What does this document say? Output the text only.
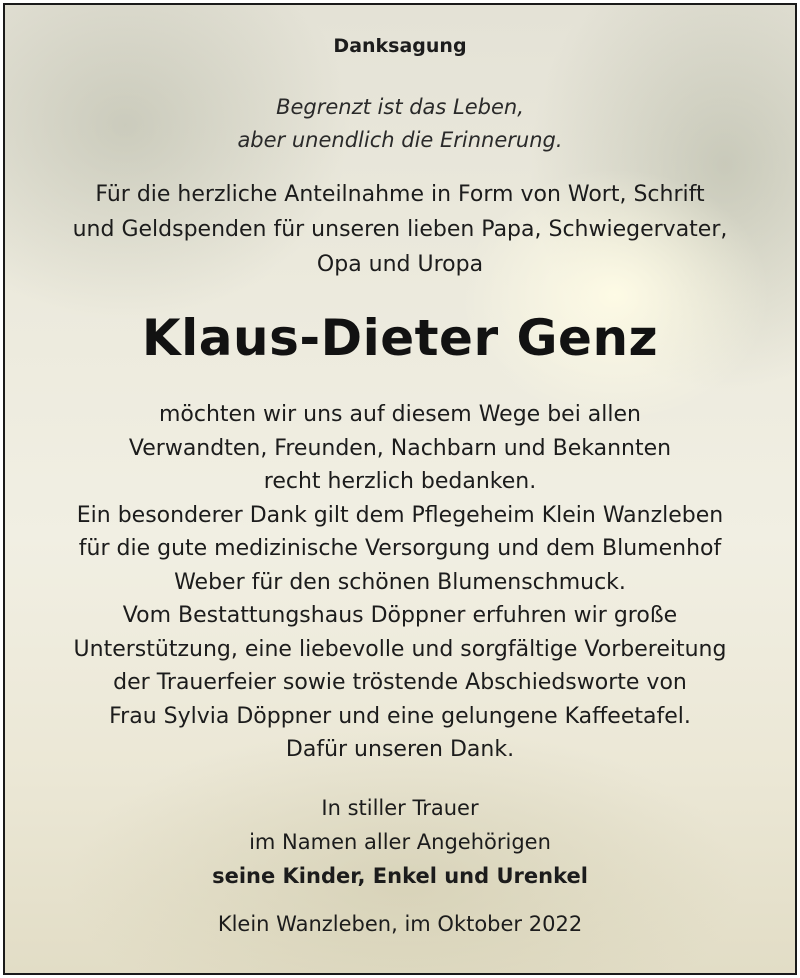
Danksagung
Begrenzt ist das Leben,
aber unendlich die Erinnerung.
Für die herzliche Anteilnahme in Form von Wort, Schrift
und Geldspenden für unseren lieben Papa, Schwiegervater,
Opa und Uropa
Klaus-Dieter Genz
möchten wir uns auf diesem Wege bei allen
Verwandten, Freunden, Nachbarn und Bekannten
recht herzlich bedanken.
Ein besonderer Dank gilt dem Pflegeheim Klein Wanzleben
für die gute medizinische Versorgung und dem Blumenhof
Weber für den schönen Blumenschmuck.
Vom Bestattungshaus Döppner erfuhren wir große
Unterstützung, eine liebevolle und sorgfältige Vorbereitung
der Trauerfeier sowie tröstende Abschiedsworte von
Frau Sylvia Döppner und eine gelungene Kaffeetafel.
Dafür unseren Dank.
In stiller Trauer
im Namen aller Angehörigen
seine Kinder, Enkel und Urenkel
Klein Wanzleben, im Oktober 2022
